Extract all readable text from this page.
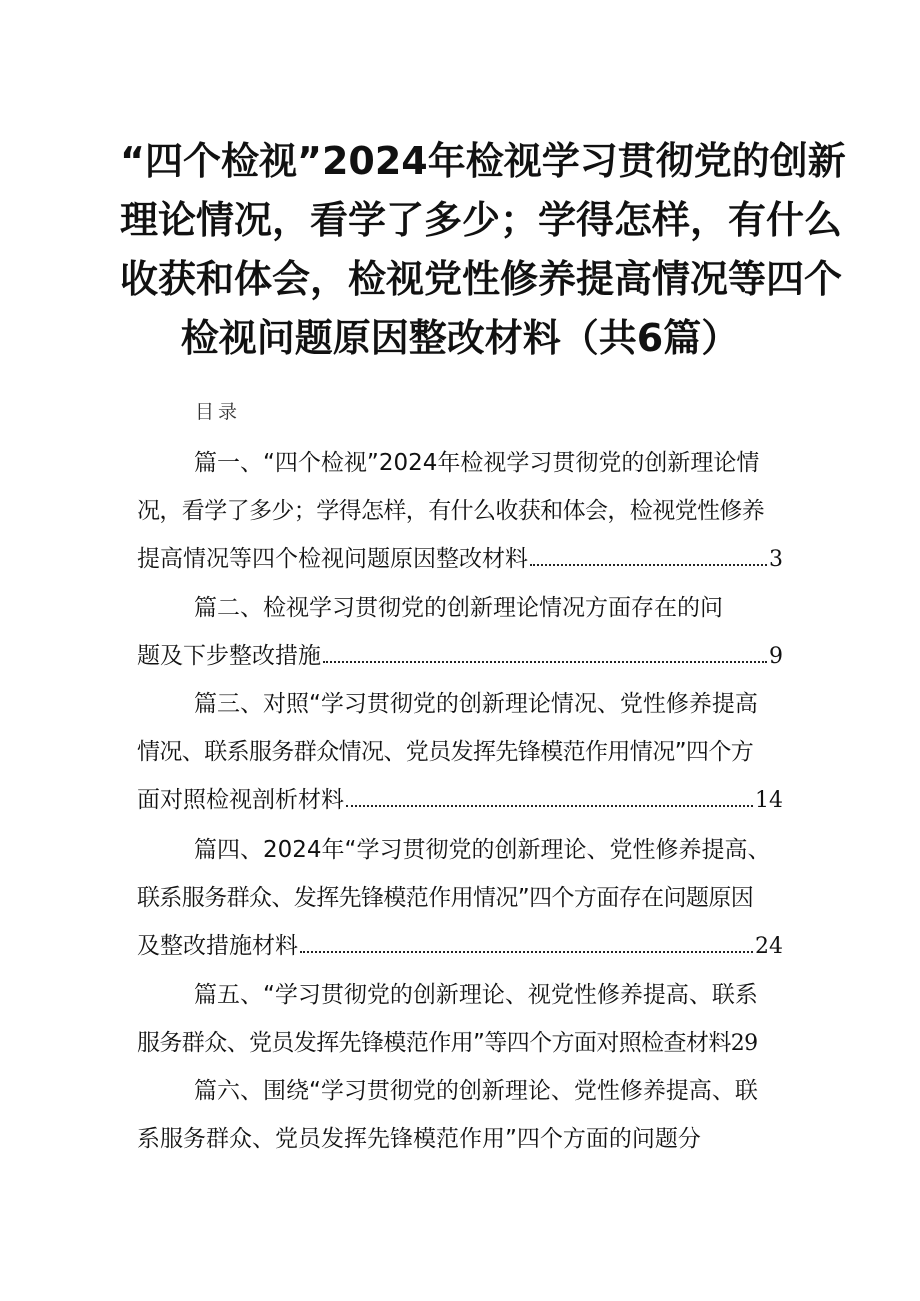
“四个检视”2024年检视学习贯彻党的创新
理论情况，看学了多少；学得怎样，有什么
收获和体会，检视党性修养提高情况等四个
检视问题原因整改材料（共6篇）
目录
篇一、“四个检视”2024年检视学习贯彻党的创新理论情
况，看学了多少；学得怎样，有什么收获和体会，检视党性修养
提高情况等四个检视问题原因整改材料	3
篇二、检视学习贯彻党的创新理论情况方面存在的问
题及下步整改措施	9
篇三、对照“学习贯彻党的创新理论情况、党性修养提高
情况、联系服务群众情况、党员发挥先锋模范作用情况”四个方
面对照检视剖析材料	14
篇四、2024年“学习贯彻党的创新理论、党性修养提高、
联系服务群众、发挥先锋模范作用情况”四个方面存在问题原因
及整改措施材料	24
篇五、“学习贯彻党的创新理论、视党性修养提高、联系
服务群众、党员发挥先锋模范作用”等四个方面对照检查材料 29
篇六、围绕“学习贯彻党的创新理论、党性修养提高、联
系服务群众、党员发挥先锋模范作用”四个方面的问题分
